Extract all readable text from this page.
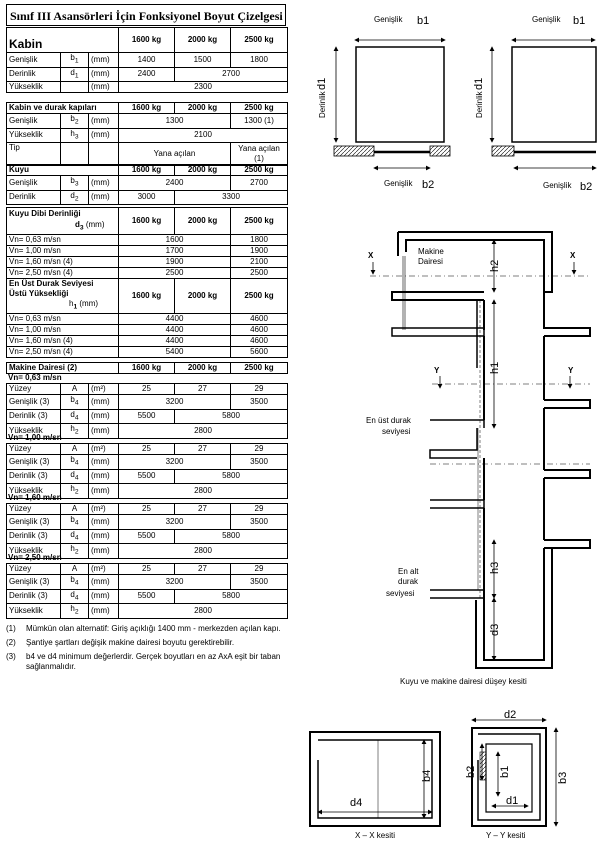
Sınıf III Asansörleri İçin Fonksiyonel Boyut Çizelgesi
Kabin			1600 kg	2000 kg	2500 kg
Genişlik	$b_1$	(mm)	1400	1500	1800
Derinlik	$d_1$	(mm)	2400	2700	
Yükseklik		(mm)	2300		
Kabin ve durak kapıları			1600 kg	2000 kg	2500 kg
Genişlik	$b_2$	(mm)	1300		1300 (1)
Yükseklik	$h_3$	(mm)	2100		
Tip			Yana açılan		Yana açılan
(1)
Kuyu			1600 kg	2000 kg	2500 kg
Genişlik	$b_3$	(mm)	2400		2700
Derinlik	$d_2$	(mm)	3000	3300	
Kuyu Dibi Derinliği
$d_3$ (mm)	1600 kg	2000 kg	2500 kg
Vn= 0,63 m/sn	1600		1800
Vn= 1,00 m/sn	1700		1900
Vn= 1,60 m/sn (4)	1900		2100
Vn= 2,50 m/sn (4)	2500		2500
En Üst Durak Seviyesi
Üstü Yüksekliği
$h_1$ (mm)	1600 kg	2000 kg	2500 kg
Vn= 0,63 m/sn	4400		4600
Vn= 1,00 m/sn	4400		4600
Vn= 1,60 m/sn (4)	4400		4600
Vn= 2,50 m/sn (4)	5400		5600
Makine Dairesi (2)	1600 kg	2000 kg	2500 kg
Vn= 0,63 m/sn
Yüzey	A	(m²)	25	27	29
Genişlik (3)	$b_4$	(mm)	3200		3500
Derinlik (3)	$d_4$	(mm)	5500	5800	
Yükseklik	$h_2$	(mm)	2800		
Vn= 1,00 m/sn
Yüzey	A	(m²)	25	27	29
Genişlik (3)	$b_4$	(mm)	3200		3500
Derinlik (3)	$d_4$	(mm)	5500	5800	
Yükseklik	$h_2$	(mm)	2800		
Vn= 1,60 m/sn
Yüzey	A	(m²)	25	27	29
Genişlik (3)	$b_4$	(mm)	3200		3500
Derinlik (3)	$d_4$	(mm)	5500	5800	
Yükseklik	$h_2$	(mm)	2800		
Vn= 2,50 m/sn
Yüzey	A	(m²)	25	27	29
Genişlik (3)	$b_4$	(mm)	3200		3500
Derinlik (3)	$d_4$	(mm)	5500	5800	
Yükseklik	$h_2$	(mm)	2800		
(1)	Mümkün olan alternatif: Giriş açıklığı 1400 mm - merkezden açılan kapı.
(2)	Şantiye şartları değişik makine dairesi boyutu gerektirebilir.
(3)	b4 ve d4 minimum değerlerdir. Gerçek boyutları en az AxA eşit bir taban sağlanmalıdır.
Genişlik b1
Derinlik
d1
Genişlik b2
Genişlik b1
Derinlik
d1
Genişlik b2
X	X
Y	Y
Makine
Dairesi	h2
h1
h3
d3
En üst durak
seviyesi
En alt
durak
seviyesi
Kuyu ve makine dairesi düşey kesiti
d4
b4
X – X kesiti
d2
b2 b1
d1
b3
Y – Y kesiti
